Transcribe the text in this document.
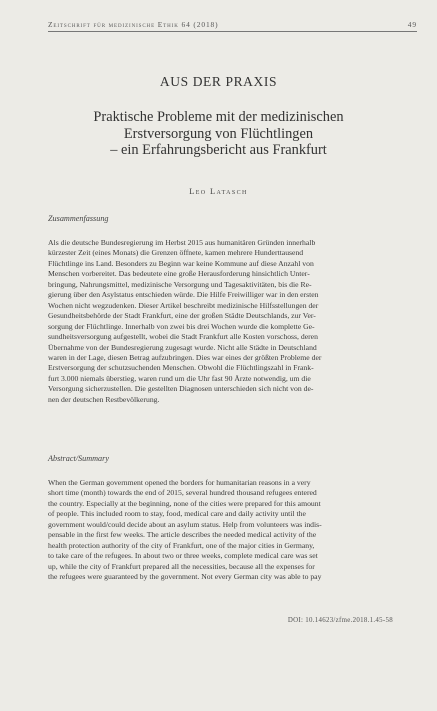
Zeitschrift für medizinische Ethik 64 (2018)	49
AUS DER PRAXIS
Praktische Probleme mit der medizinischen
Erstversorgung von Flüchtlingen
– ein Erfahrungsbericht aus Frankfurt
Leo Latasch
Zusammenfassung
Als die deutsche Bundesregierung im Herbst 2015 aus humanitären Gründen innerhalb
kürzester Zeit (eines Monats) die Grenzen öffnete, kamen mehrere Hunderttausend
Flüchtlinge ins Land. Besonders zu Beginn war keine Kommune auf diese Anzahl von
Menschen vorbereitet. Das bedeutete eine große Herausforderung hinsichtlich Unter-
bringung, Nahrungsmittel, medizinische Versorgung und Tagesaktivitäten, bis die Re-
gierung über den Asylstatus entschieden würde. Die Hilfe Freiwilliger war in den ersten
Wochen nicht wegzudenken. Dieser Artikel beschreibt medizinische Hilfsstellungen der
Gesundheitsbehörde der Stadt Frankfurt, eine der großen Städte Deutschlands, zur Ver-
sorgung der Flüchtlinge. Innerhalb von zwei bis drei Wochen wurde die komplette Ge-
sundheitsversorgung aufgestellt, wobei die Stadt Frankfurt alle Kosten vorschoss, deren
Übernahme von der Bundesregierung zugesagt wurde. Nicht alle Städte in Deutschland
waren in der Lage, diesen Betrag aufzubringen. Dies war eines der größten Probleme der
Erstversorgung der schutzsuchenden Menschen. Obwohl die Flüchtlingszahl in Frank-
furt 3.000 niemals überstieg, waren rund um die Uhr fast 90 Ärzte notwendig, um die
Versorgung sicherzustellen. Die gestellten Diagnosen unterschieden sich nicht von de-
nen der deutschen Restbevölkerung.
Abstract/Summary
When the German government opened the borders for humanitarian reasons in a very
short time (month) towards the end of 2015, several hundred thousand refugees entered
the country. Especially at the beginning, none of the cities were prepared for this amount
of people. This included room to stay, food, medical care and daily activity until the
government would/could decide about an asylum status. Help from volunteers was indis-
pensable in the first few weeks. The article describes the needed medical activity of the
health protection authority of the city of Frankfurt, one of the major cities in Germany,
to take care of the refugees. In about two or three weeks, complete medical care was set
up, while the city of Frankfurt prepared all the necessities, because all the expenses for
the refugees were guaranteed by the government. Not every German city was able to pay
DOI: 10.14623/zfme.2018.1.45-58
